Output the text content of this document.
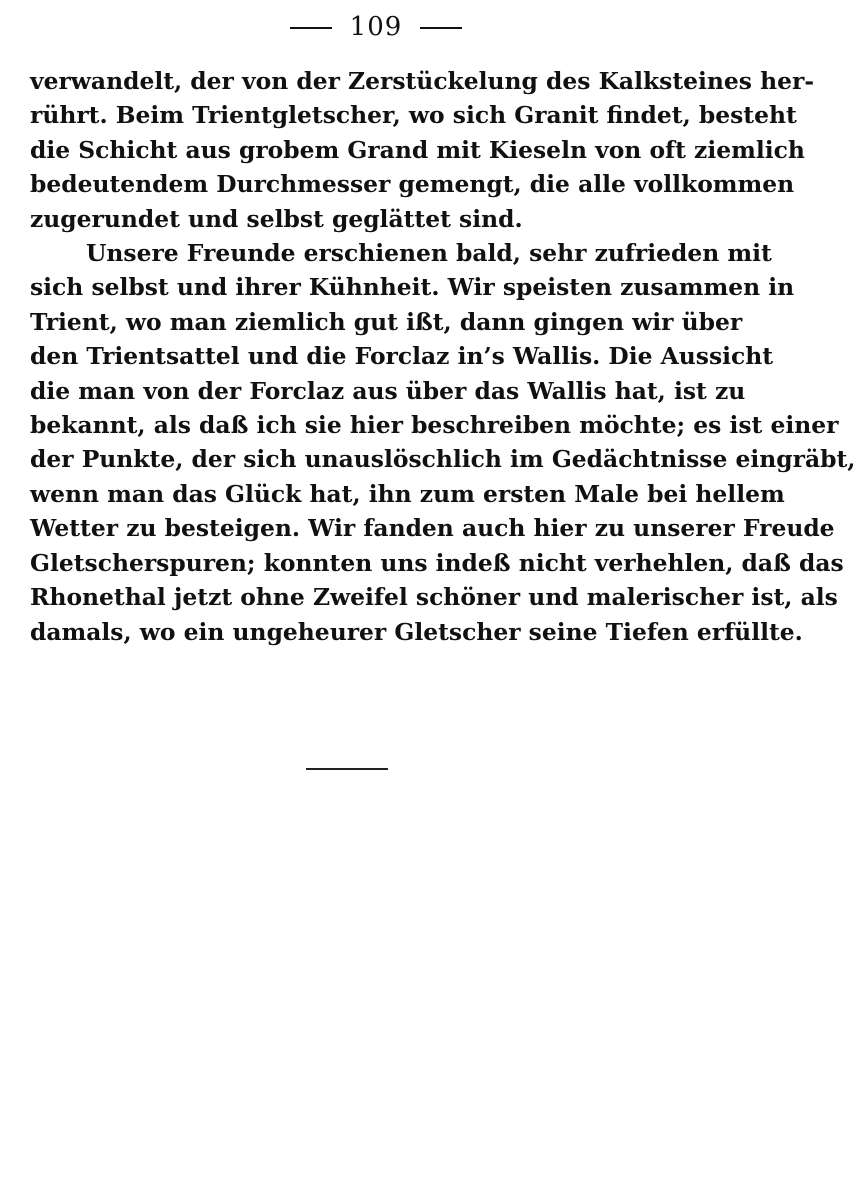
109
verwandelt, der von der Zerstückelung des Kalksteines her-
rührt. Beim Trientgletscher, wo sich Granit findet, besteht
die Schicht aus grobem Grand mit Kieseln von oft ziemlich
bedeutendem Durchmesser gemengt, die alle vollkommen
zugerundet und selbst geglättet sind.
Unsere Freunde erschienen bald, sehr zufrieden mit
sich selbst und ihrer Kühnheit. Wir speisten zusammen in
Trient, wo man ziemlich gut ißt, dann gingen wir über
den Trientsattel und die Forclaz in’s Wallis. Die Aussicht
die man von der Forclaz aus über das Wallis hat, ist zu
bekannt, als daß ich sie hier beschreiben möchte; es ist einer
der Punkte, der sich unauslöschlich im Gedächtnisse eingräbt,
wenn man das Glück hat, ihn zum ersten Male bei hellem
Wetter zu besteigen. Wir fanden auch hier zu unserer Freude
Gletscherspuren; konnten uns indeß nicht verhehlen, daß das
Rhonethal jetzt ohne Zweifel schöner und malerischer ist, als
damals, wo ein ungeheurer Gletscher seine Tiefen erfüllte.
